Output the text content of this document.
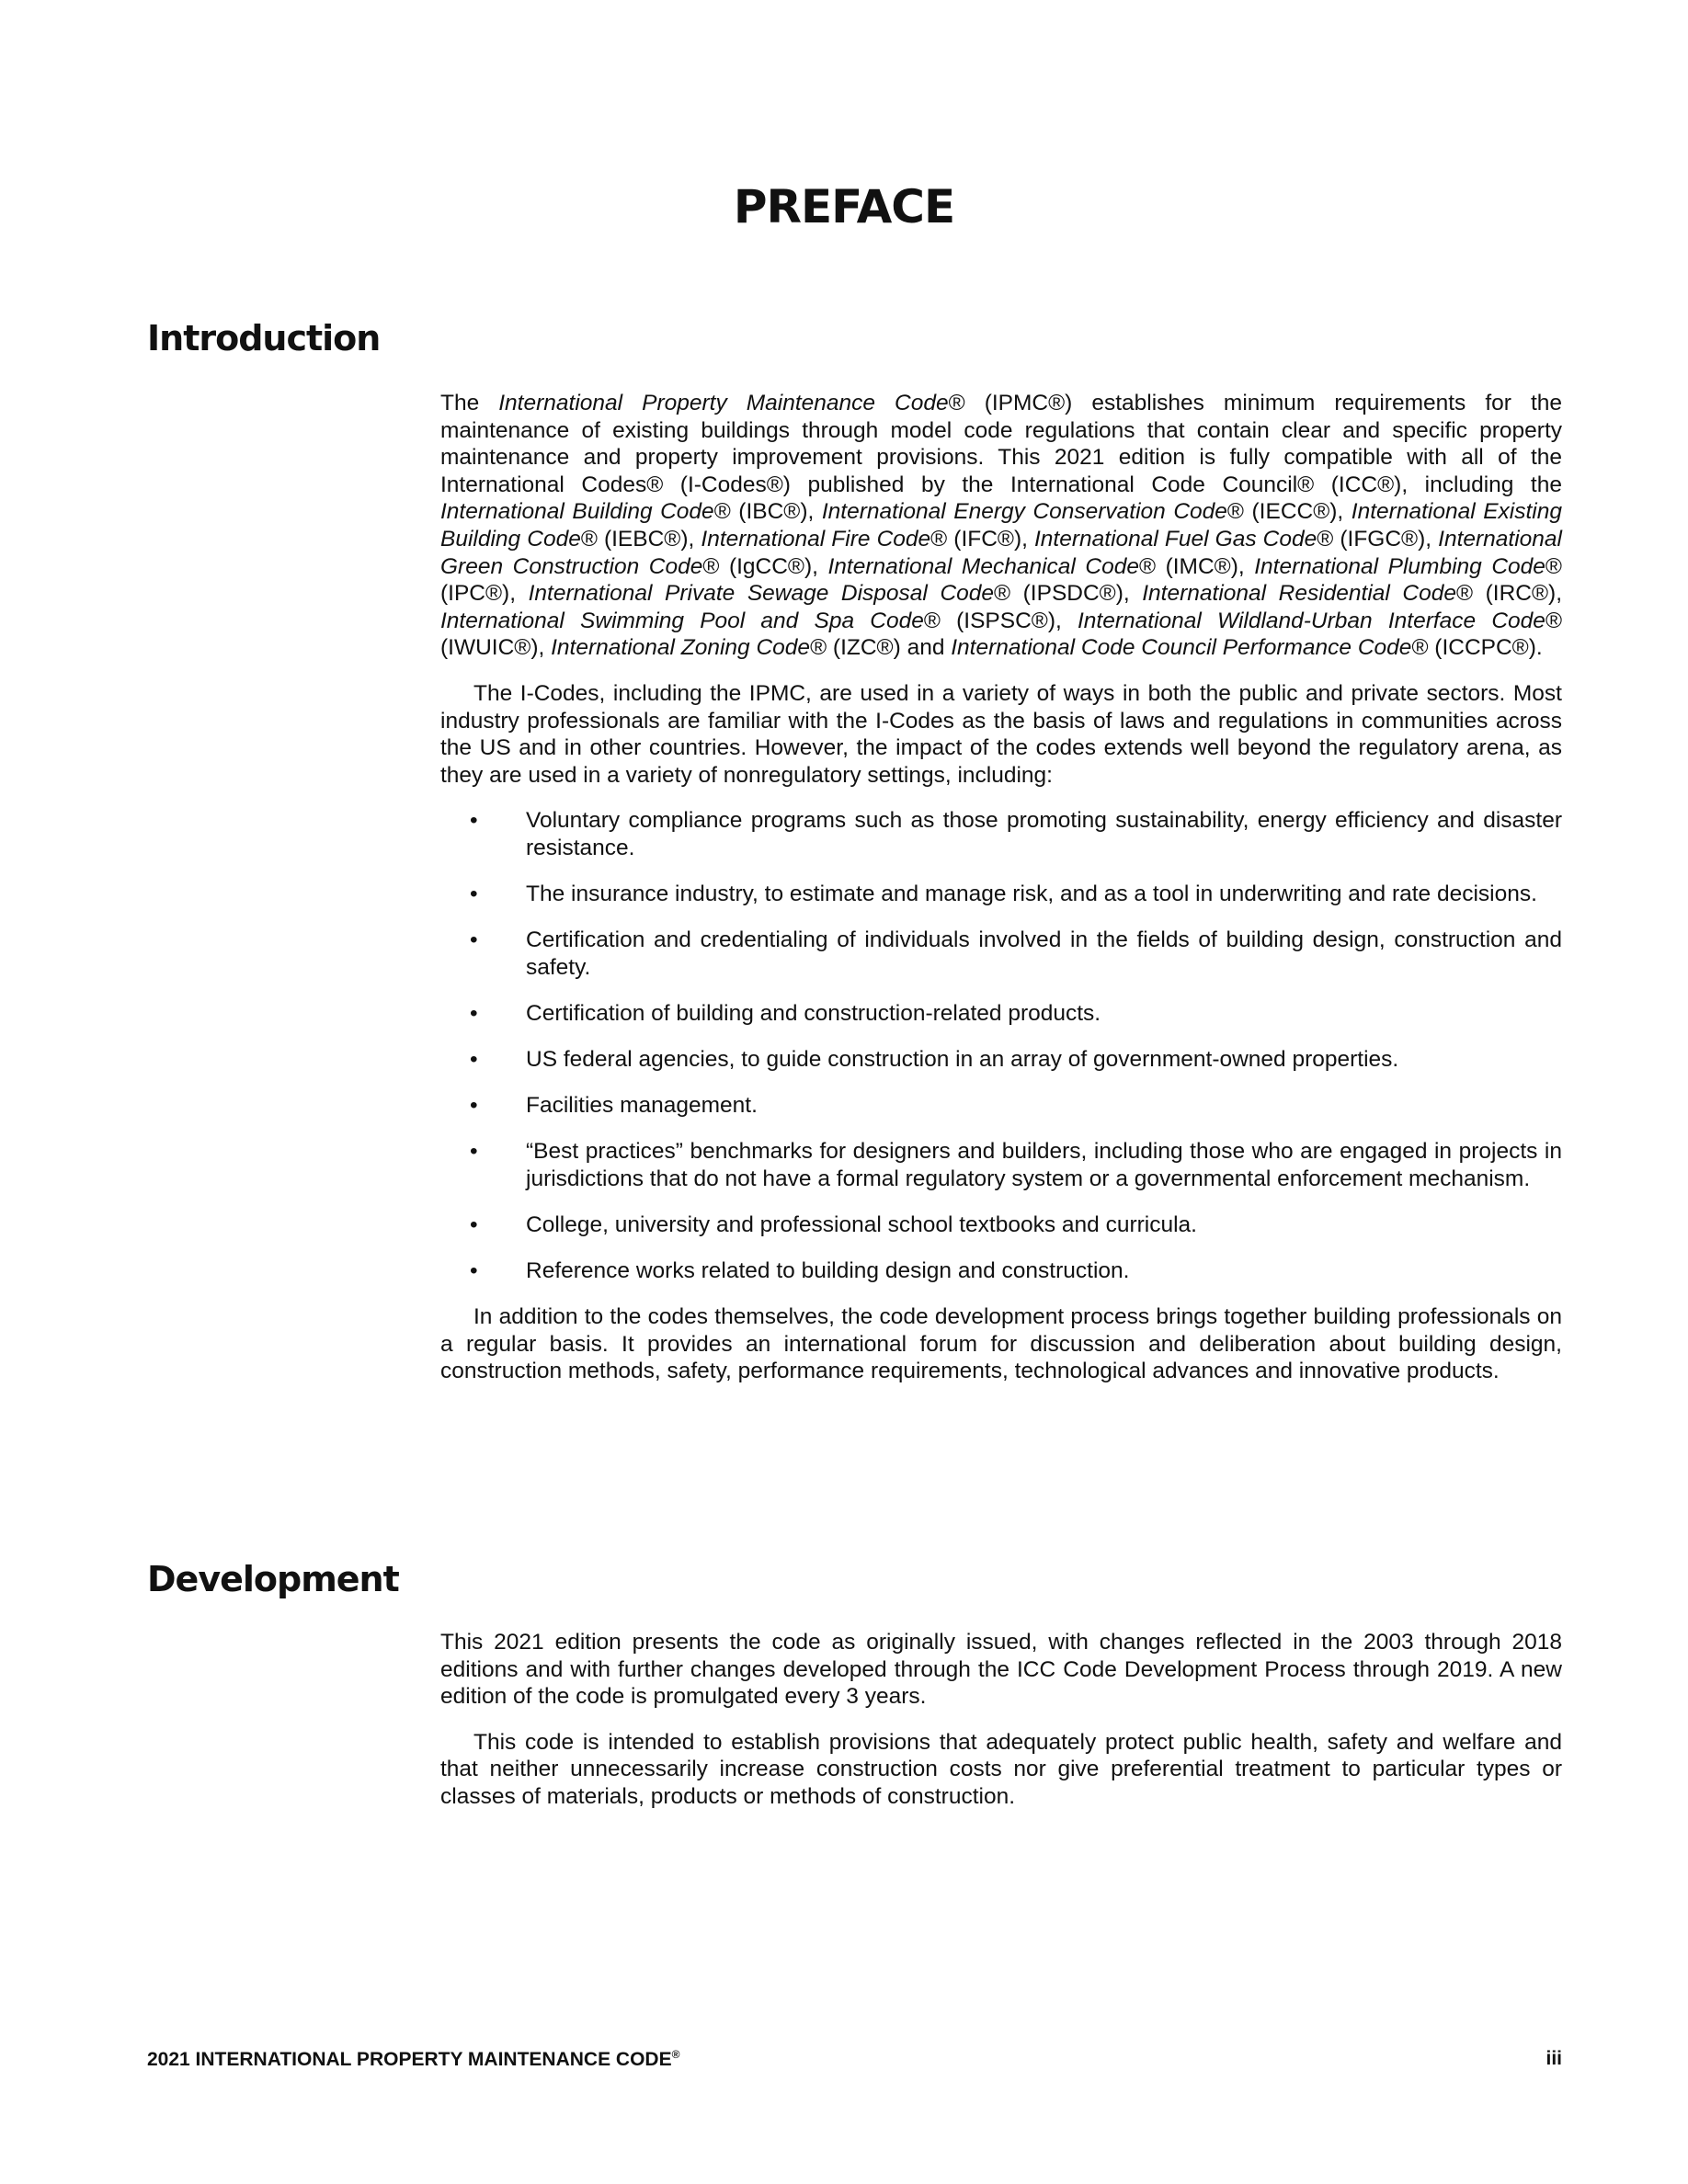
PREFACE
Introduction

The International Property Maintenance Code® (IPMC®) establishes minimum requirements for the maintenance of existing buildings through model code regulations that contain clear and specific property maintenance and property improvement provisions. This 2021 edition is fully compatible with all of the International Codes® (I-Codes®) published by the International Code Council® (ICC®), including the International Building Code® (IBC®), International Energy Conservation Code® (IECC®), International Existing Building Code® (IEBC®), International Fire Code® (IFC®), International Fuel Gas Code® (IFGC®), International Green Construction Code® (IgCC®), International Mechanical Code® (IMC®), International Plumbing Code® (IPC®), International Private Sewage Disposal Code® (IPSDC®), International Residential Code® (IRC®), International Swimming Pool and Spa Code® (ISPSC®), International Wildland-Urban Interface Code® (IWUIC®), International Zoning Code® (IZC®) and International Code Council Performance Code® (ICCPC®).

The I-Codes, including the IPMC, are used in a variety of ways in both the public and private sectors. Most industry professionals are familiar with the I-Codes as the basis of laws and regulations in communities across the US and in other countries. However, the impact of the codes extends well beyond the regulatory arena, as they are used in a variety of nonregulatory settings, including:

• Voluntary compliance programs such as those promoting sustainability, energy efficiency and disaster resistance.
• The insurance industry, to estimate and manage risk, and as a tool in underwriting and rate decisions.
• Certification and credentialing of individuals involved in the fields of building design, construction and safety.
• Certification of building and construction-related products.
• US federal agencies, to guide construction in an array of government-owned properties.
• Facilities management.
• “Best practices” benchmarks for designers and builders, including those who are engaged in projects in jurisdictions that do not have a formal regulatory system or a governmental enforcement mechanism.
• College, university and professional school textbooks and curricula.
• Reference works related to building design and construction.

In addition to the codes themselves, the code development process brings together building professionals on a regular basis. It provides an international forum for discussion and deliberation about building design, construction methods, safety, performance requirements, technological advances and innovative products.

Development

This 2021 edition presents the code as originally issued, with changes reflected in the 2003 through 2018 editions and with further changes developed through the ICC Code Development Process through 2019. A new edition of the code is promulgated every 3 years.

This code is intended to establish provisions that adequately protect public health, safety and welfare and that neither unnecessarily increase construction costs nor give preferential treatment to particular types or classes of materials, products or methods of construction.

2021 INTERNATIONAL PROPERTY MAINTENANCE CODE®	iii
